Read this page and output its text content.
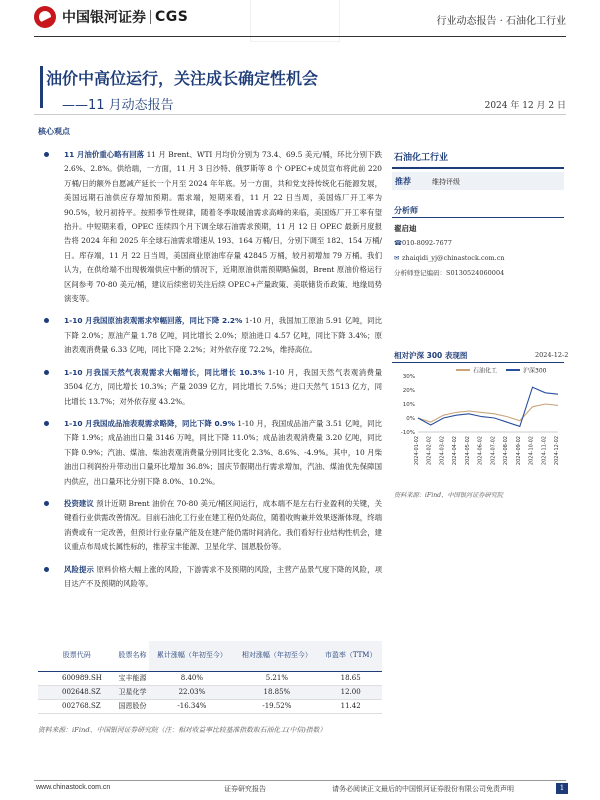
中国银河证券 CGS	行业动态报告 · 石油化工行业
油价中高位运行，关注成长确定性机会
——11 月动态报告	2024 年 12 月 2 日
核心观点
11 月油价重心略有回落 11 月 Brent、WTI 月均价分别为 73.4、69.5 美元/桶，环比分别下跌 2.6%、2.8%。供给端，一方面，11 月 3 日沙特、俄罗斯等 8 个 OPEC+成员宣布将此前 220 万桶/日的额外自愿减产延长一个月至 2024 年年底。另一方面，共和党支持传统化石能源发展，美国远期石油供应存增加预期。需求端，短期来看，11 月 22 日当周，美国炼厂开工率为 90.5%，较月初持平。按照季节性规律，随着冬季取暖油需求高峰的来临，美国炼厂开工率有望抬升。中短期来看，OPEC 连续四个月下调全球石油需求预期，11 月 12 日 OPEC 最新月度报告将 2024 年和 2025 年全球石油需求增速从 193、164 万桶/日，分别下调至 182、154 万桶/日。库存端，11 月 22 日当周，美国商业原油库存量 42845 万桶，较月初增加 79 万桶。我们认为，在供给端不出现极端供应中断的情况下，近期原油供需预期略偏弱，Brent 原油价格运行区间参考 70-80 美元/桶，建议后续密切关注后续 OPEC+产量政策、美联储货币政策、地缘局势演变等。
1-10 月我国原油表观需求窄幅回落，同比下降 2.2% 1-10 月，我国加工原油 5.91 亿吨，同比下降 2.0%；原油产量 1.78 亿吨，同比增长 2.0%；原油进口 4.57 亿吨，同比下降 3.4%；原油表观消费量 6.33 亿吨，同比下降 2.2%；对外依存度 72.2%，维持高位。
1-10 月我国天然气表观需求大幅增长，同比增长 10.3% 1-10 月，我国天然气表观消费量 3504 亿方，同比增长 10.3%；产量 2039 亿方，同比增长 7.5%；进口天然气 1513 亿方，同比增长 13.7%；对外依存度 43.2%。
1-10 月我国成品油表观需求略降，同比下降 0.9% 1-10 月，我国成品油产量 3.51 亿吨，同比下降 1.9%；成品油出口量 3146 万吨，同比下降 11.0%；成品油表观消费量 3.20 亿吨，同比下降 0.9%；汽油、煤油、柴油表观消费量分别同比变化 2.3%、8.6%、-4.9%。其中，10 月柴油出口利润扮升带动出口量环比增加 36.8%；国庆节假期出行需求增加，汽油、煤油优先保障国内供应，出口量环比分别下降 8.0%、10.2%。
投资建议 预计近期 Brent 油价在 70-80 美元/桶区间运行，成本端不是左右行业盈利的关键，关键看行业供需改善情况。目前石油化工行业在建工程仍处高位，随着收购兼并效果逐渐体现，终端消费或有一定改善，但预计行业存量产能及在建产能仍需时间消化。我们看好行业结构性机会，建议重点布局成长属性标的，推荐宝丰能源、卫星化学、国恩股份等。
风险提示 原料价格大幅上涨的风险，下游需求不及预期的风险，主营产品景气度下降的风险，项目达产不及预期的风险等。
股票代码	股票名称	累计涨幅（年初至今）	相对涨幅（年初至今）	市盈率（TTM）
600989.SH	宝丰能源	8.40%	5.21%	18.65
002648.SZ	卫星化学	22.03%	18.85%	12.00
002768.SZ	国恩股份	-16.34%	-19.52%	11.42
资料来源：iFind、中国银河证券研究院（注：相对收益率比较基准指数取石油化工(中信)指数）
石油化工行业
推荐	维持评级
分析师
翟启迪
☎010-8092-7677
✉ zhaiqidi_yj@chinastock.com.cn
分析师登记编码：S0130524060004
相对沪深 300 表现图	2024-12-2
石油化工	沪深300
30%
20%
10%
0%
-10%
2024-01-02 2024-02-02 2024-03-02 2024-04-02 2024-05-02 2024-06-02 2024-07-02 2024-08-02 2024-09-02 2024-10-02 2024-11-02 2024-12-02
资料来源：iFind、中国银河证券研究院
www.chinastock.com.cn	证券研究报告	请务必阅读正文最后的中国银河证券股份有限公司免责声明	1
